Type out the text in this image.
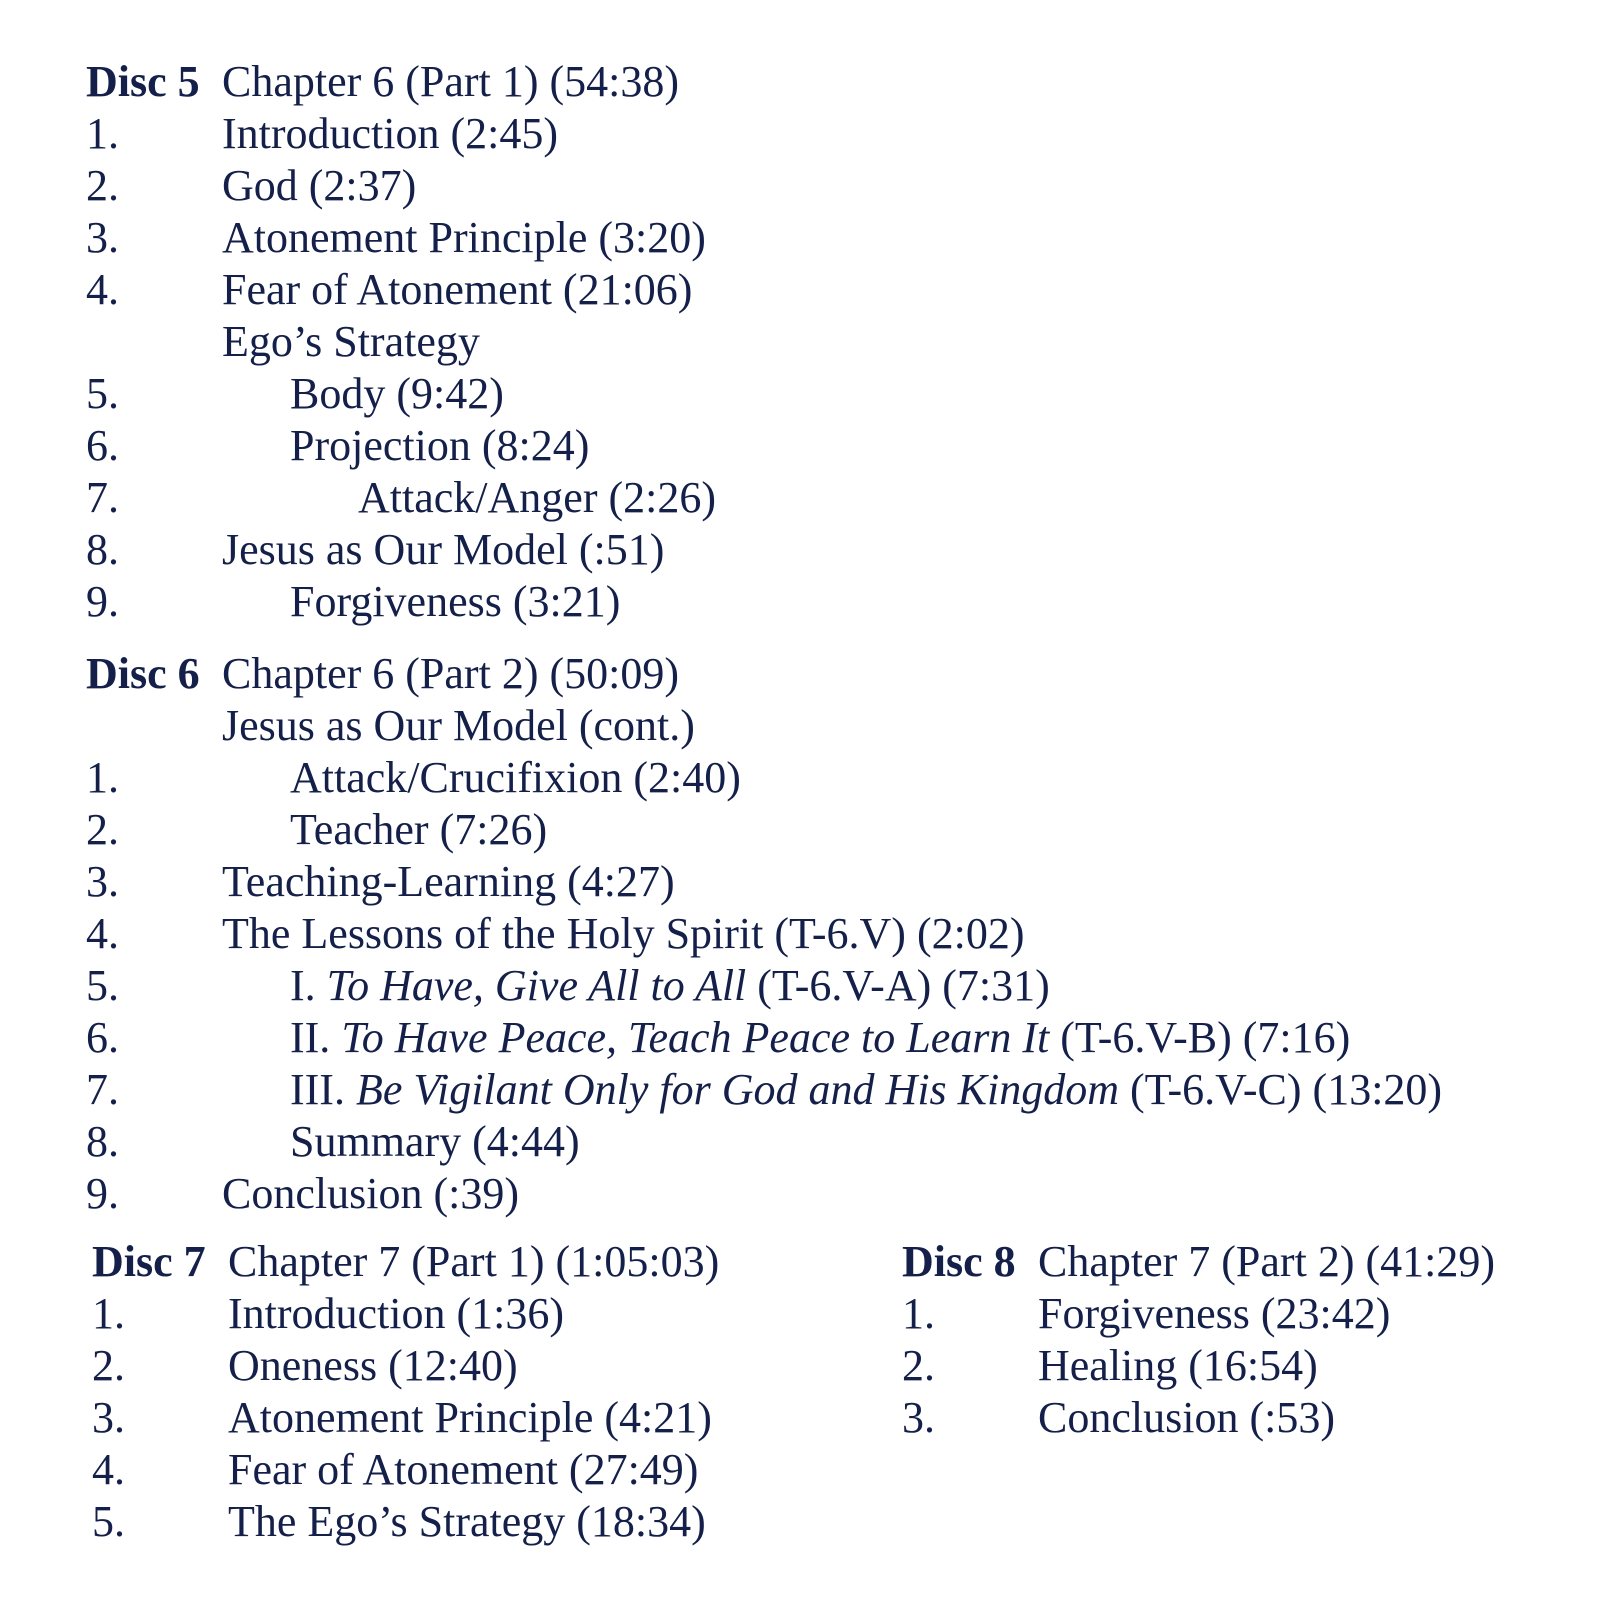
Disc 5 Chapter 6 (Part 1) (54:38)
1. Introduction (2:45)
2. God (2:37)
3. Atonement Principle (3:20)
4. Fear of Atonement (21:06)
Ego’s Strategy
5.	Body (9:42)
6.	Projection (8:24)
7.	Attack/Anger (2:26)
8. Jesus as Our Model (:51)
9.	Forgiveness (3:21)
Disc 6 Chapter 6 (Part 2) (50:09)
Jesus as Our Model (cont.)
1.	Attack/Crucifixion (2:40)
2.	Teacher (7:26)
3. Teaching-Learning (4:27)
4. The Lessons of the Holy Spirit (T-6.V) (2:02)
5.	I. To Have, Give All to All (T-6.V-A) (7:31)
6.	II. To Have Peace, Teach Peace to Learn It (T-6.V-B) (7:16)
7.	III. Be Vigilant Only for God and His Kingdom (T-6.V-C) (13:20)
8.	Summary (4:44)
9. Conclusion (:39)
Disc 7 Chapter 7 (Part 1) (1:05:03)
1. Introduction (1:36)
2. Oneness (12:40)
3. Atonement Principle (4:21)
4. Fear of Atonement (27:49)
5. The Ego’s Strategy (18:34)
Disc 8 Chapter 7 (Part 2) (41:29)
1. Forgiveness (23:42)
2. Healing (16:54)
3. Conclusion (:53)
